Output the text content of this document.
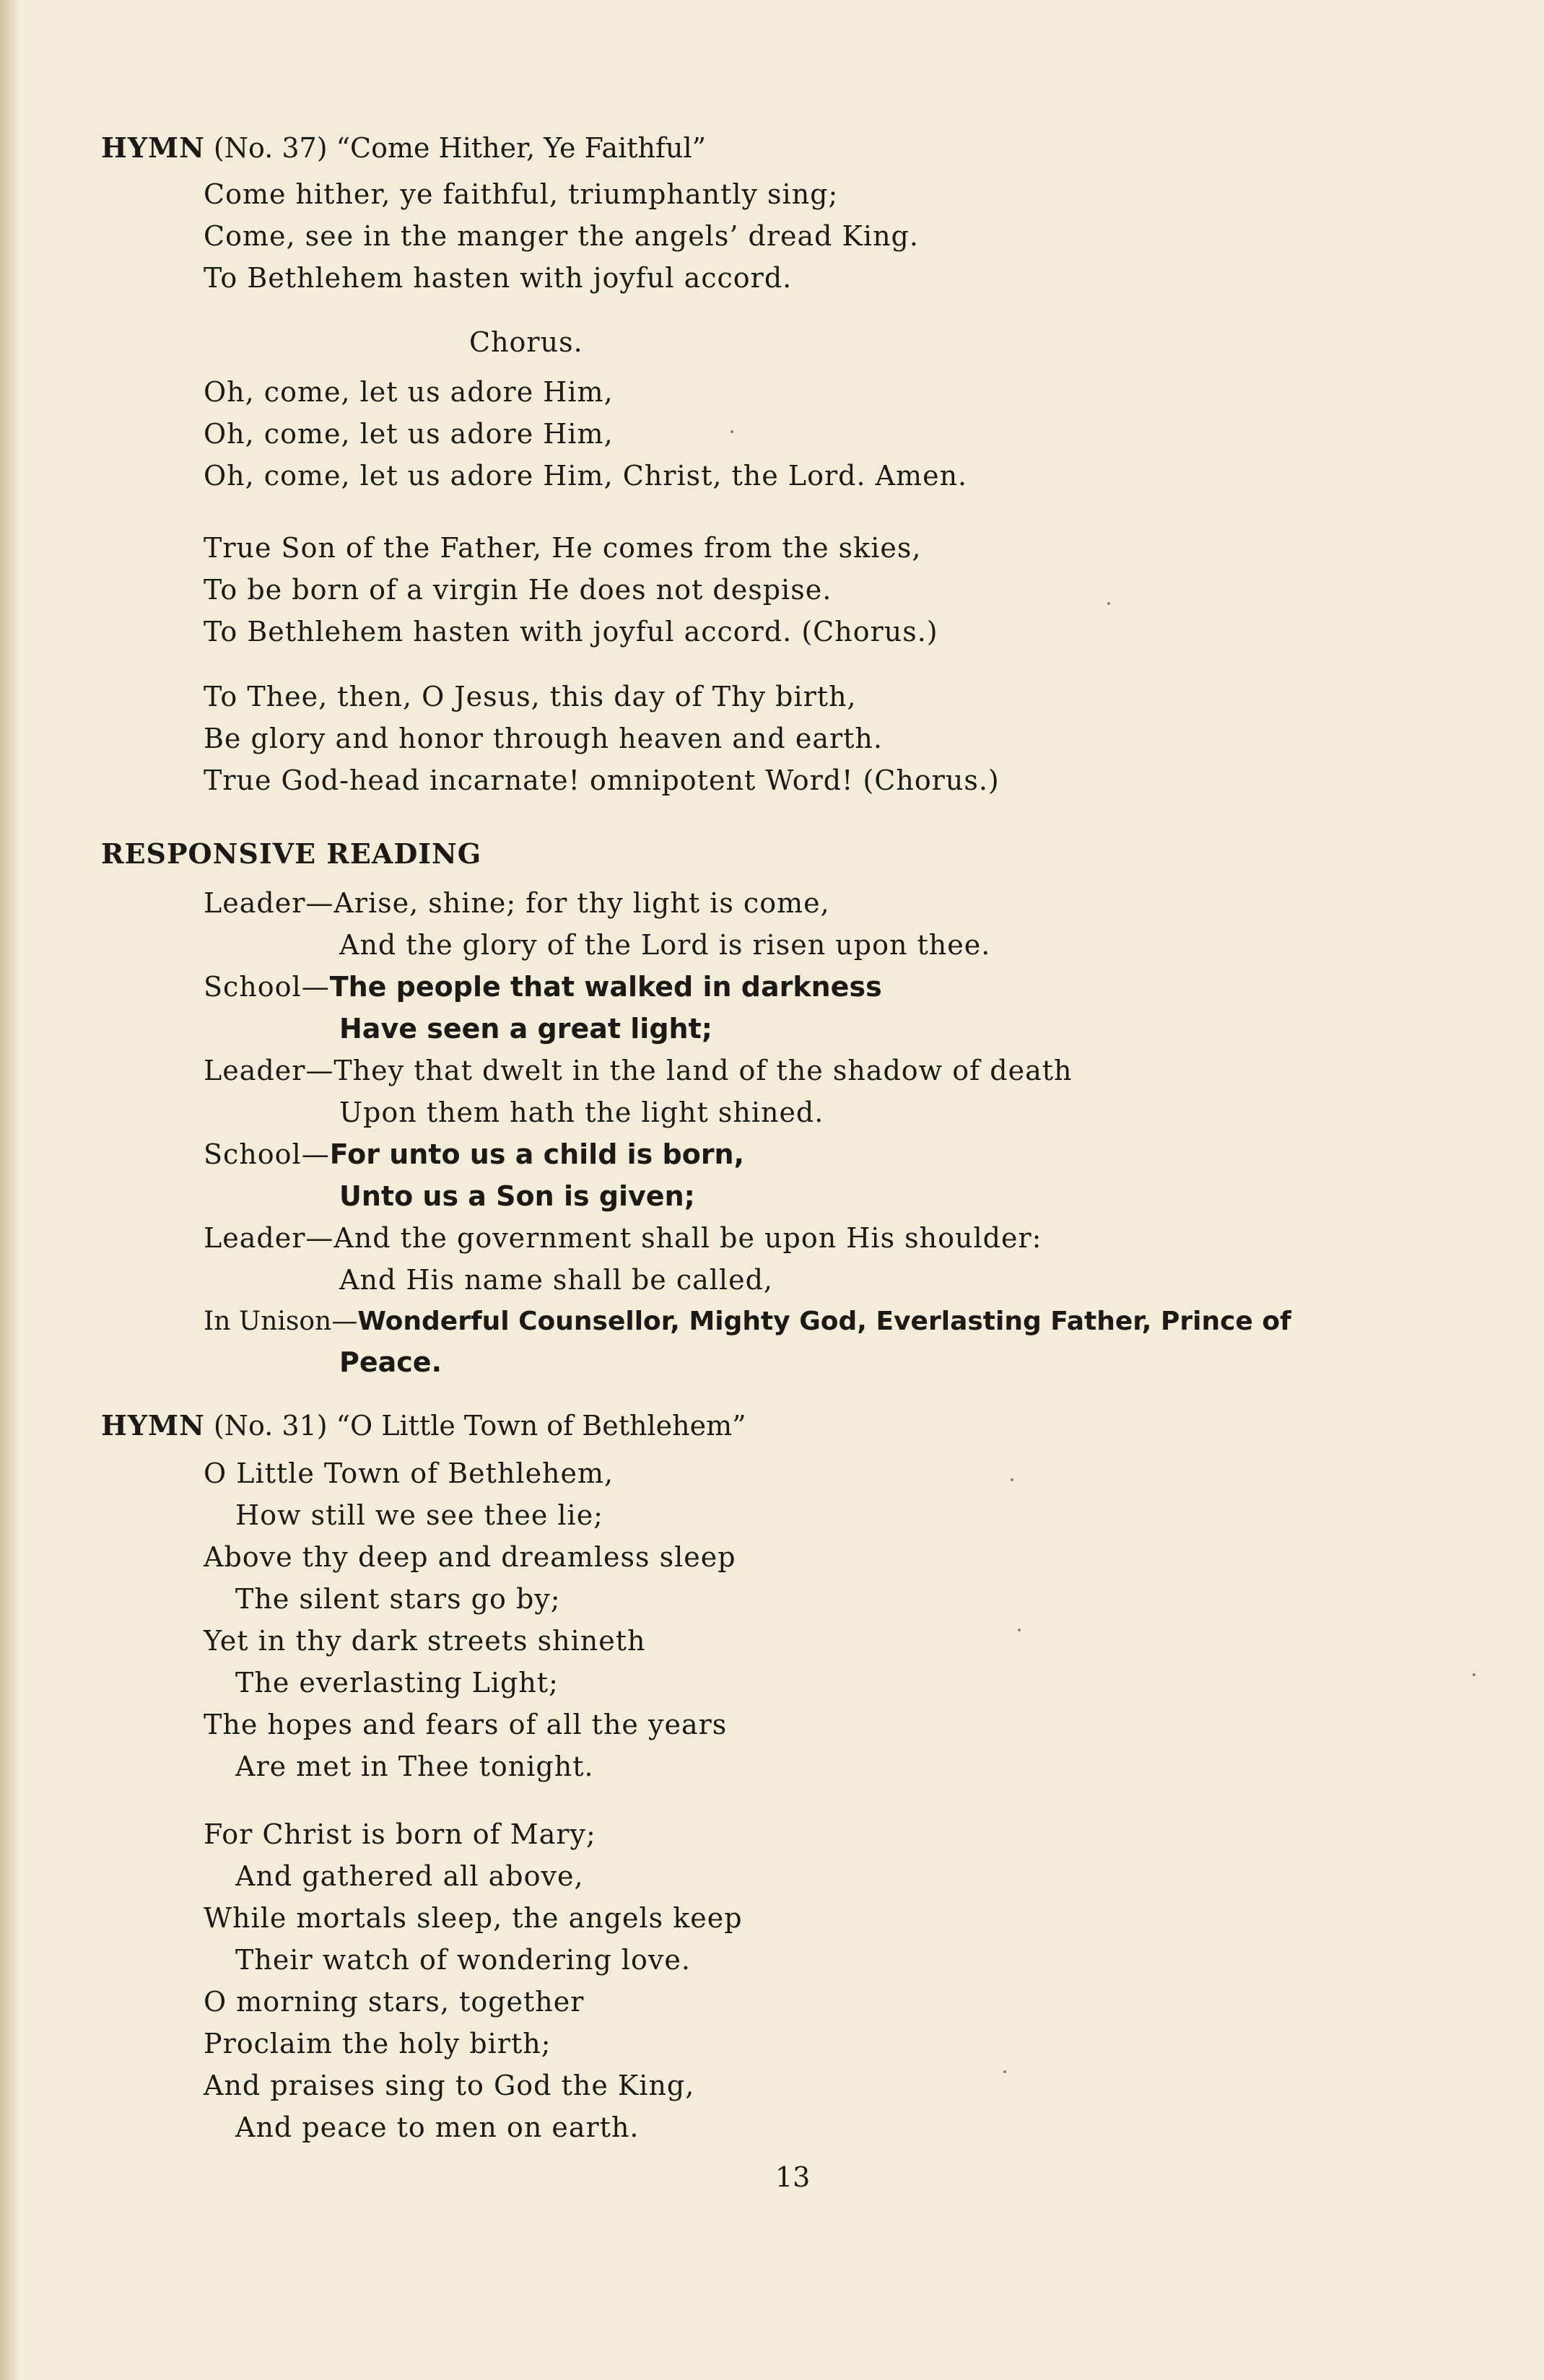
HYMN (No. 37) “Come Hither, Ye Faithful”
Come hither, ye faithful, triumphantly sing;
Come, see in the manger the angels’ dread King.
To Bethlehem hasten with joyful accord.
Chorus.
Oh, come, let us adore Him,
Oh, come, let us adore Him,
Oh, come, let us adore Him, Christ, the Lord. Amen.
True Son of the Father, He comes from the skies,
To be born of a virgin He does not despise.
To Bethlehem hasten with joyful accord. (Chorus.)
To Thee, then, O Jesus, this day of Thy birth,
Be glory and honor through heaven and earth.
True God-head incarnate! omnipotent Word! (Chorus.)
RESPONSIVE READING
Leader—Arise, shine; for thy light is come,
And the glory of the Lord is risen upon thee.
School—The people that walked in darkness
Have seen a great light;
Leader—They that dwelt in the land of the shadow of death
Upon them hath the light shined.
School—For unto us a child is born,
Unto us a Son is given;
Leader—And the government shall be upon His shoulder:
And His name shall be called,
In Unison—Wonderful Counsellor, Mighty God, Everlasting Father, Prince of
Peace.
HYMN (No. 31) “O Little Town of Bethlehem”
O Little Town of Bethlehem,
How still we see thee lie;
Above thy deep and dreamless sleep
The silent stars go by;
Yet in thy dark streets shineth
The everlasting Light;
The hopes and fears of all the years
Are met in Thee tonight.
For Christ is born of Mary;
And gathered all above,
While mortals sleep, the angels keep
Their watch of wondering love.
O morning stars, together
Proclaim the holy birth;
And praises sing to God the King,
And peace to men on earth.
13
